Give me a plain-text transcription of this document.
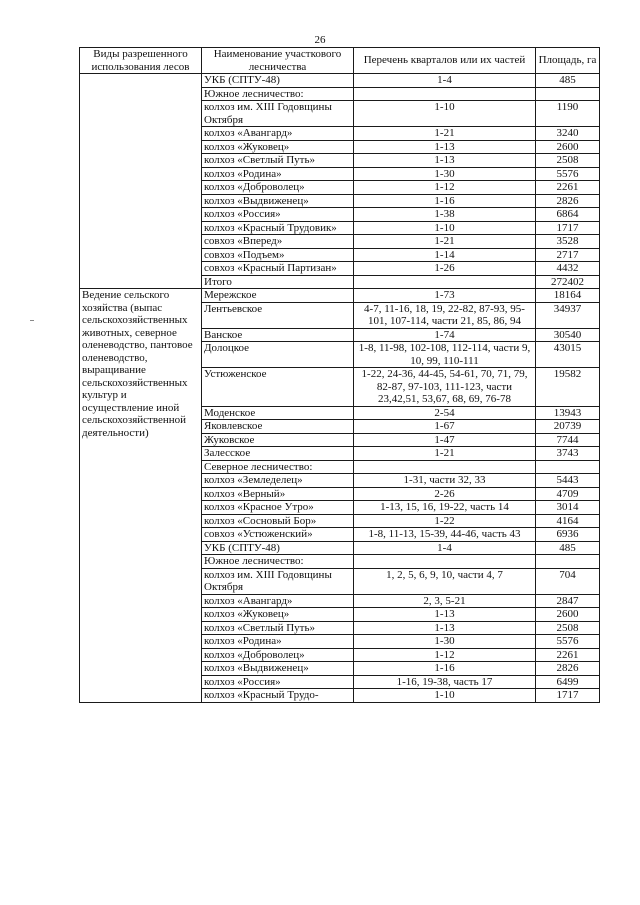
26
Виды разрешенного использования лесов	Наименование участкового лесничества	Перечень кварталов или их частей	Площадь, га
	УКБ (СПТУ-48)	1-4	485
	Южное лесничество:		
	колхоз им. XIII Годовщины Октября	1-10	1190
	колхоз «Авангард»	1-21	3240
	колхоз «Жуковец»	1-13	2600
	колхоз «Светлый Путь»	1-13	2508
	колхоз «Родина»	1-30	5576
	колхоз «Доброволец»	1-12	2261
	колхоз «Выдвиженец»	1-16	2826
	колхоз «Россия»	1-38	6864
	колхоз «Красный Трудовик»	1-10	1717
	совхоз «Вперед»	1-21	3528
	совхоз «Подъем»	1-14	2717
	совхоз «Красный Партизан»	1-26	4432
	Итого		272402
Ведение сельского хозяйства (выпас сельскохозяйственных животных, северное оленеводство, пантовое оленеводство, выращивание сельскохозяйственных культур и осуществление иной сельскохозяйственной деятельности)	Мережское	1-73	18164
	Лентьевское	4-7, 11-16, 18, 19, 22-82, 87-93, 95-101, 107-114, части 21, 85, 86, 94	34937
	Ванское	1-74	30540
	Долоцкое	1-8, 11-98, 102-108, 112-114, части 9, 10, 99, 110-111	43015
	Устюженское	1-22, 24-36, 44-45, 54-61, 70, 71, 79, 82-87, 97-103, 111-123, части 23,42,51, 53,67, 68, 69, 76-78	19582
	Моденское	2-54	13943
	Яковлевское	1-67	20739
	Жуковское	1-47	7744
	Залесское	1-21	3743
	Северное лесничество:		
	колхоз «Земледелец»	1-31, части 32, 33	5443
	колхоз «Верный»	2-26	4709
	колхоз «Красное Утро»	1-13, 15, 16, 19-22, часть 14	3014
	колхоз «Сосновый Бор»	1-22	4164
	совхоз «Устюженский»	1-8, 11-13, 15-39, 44-46, часть 43	6936
	УКБ (СПТУ-48)	1-4	485
	Южное лесничество:		
	колхоз им. XIII Годовщины Октября	1, 2, 5, 6, 9, 10, части 4, 7	704
	колхоз «Авангард»	2, 3, 5-21	2847
	колхоз «Жуковец»	1-13	2600
	колхоз «Светлый Путь»	1-13	2508
	колхоз «Родина»	1-30	5576
	колхоз «Доброволец»	1-12	2261
	колхоз «Выдвиженец»	1-16	2826
	колхоз «Россия»	1-16, 19-38, часть 17	6499
	колхоз «Красный Трудо-	1-10	1717
